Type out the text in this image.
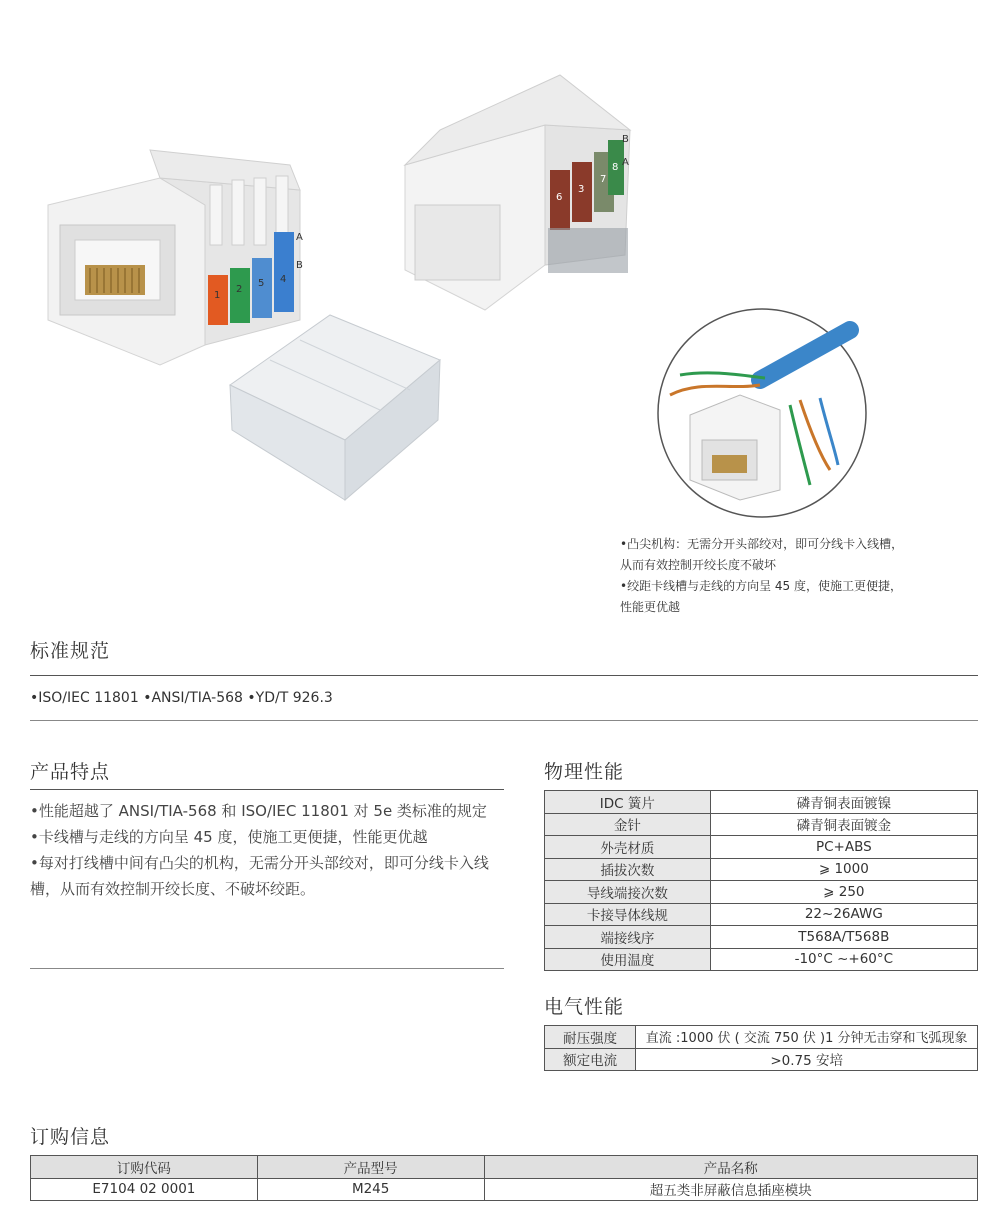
1
2
5 4
A
B
6
3
7
8
B
A
•凸尖机构：无需分开头部绞对，即可分线卡入线槽，
从而有效控制开绞长度不破坏
•绞距卡线槽与走线的方向呈 45 度，使施工更便捷，
性能更优越
标准规范
•ISO/IEC 11801 •ANSI/TIA-568 •YD/T 926.3
产品特点
•性能超越了 ANSI/TIA-568 和 ISO/IEC 11801 对 5e 类标准的规定
•卡线槽与走线的方向呈 45 度，使施工更便捷，性能更优越
•每对打线槽中间有凸尖的机构，无需分开头部绞对，即可分线卡入线槽，从而有效控制开绞长度、不破坏绞距。
物理性能
IDC 簧片	磷青铜表面镀镍
金针	磷青铜表面镀金
外壳材质	PC+ABS
插拔次数	⩾ 1000
导线端接次数	⩾ 250
卡接导体线规	22~26AWG
端接线序	T568A/T568B
使用温度	-10°C ~+60°C
电气性能
耐压强度	直流 :1000 伏 ( 交流 750 伏 )1 分钟无击穿和飞弧现象
额定电流	>0.75 安培
订购信息
订购代码	产品型号	产品名称
E7104 02 0001	M245	超五类非屏蔽信息插座模块
